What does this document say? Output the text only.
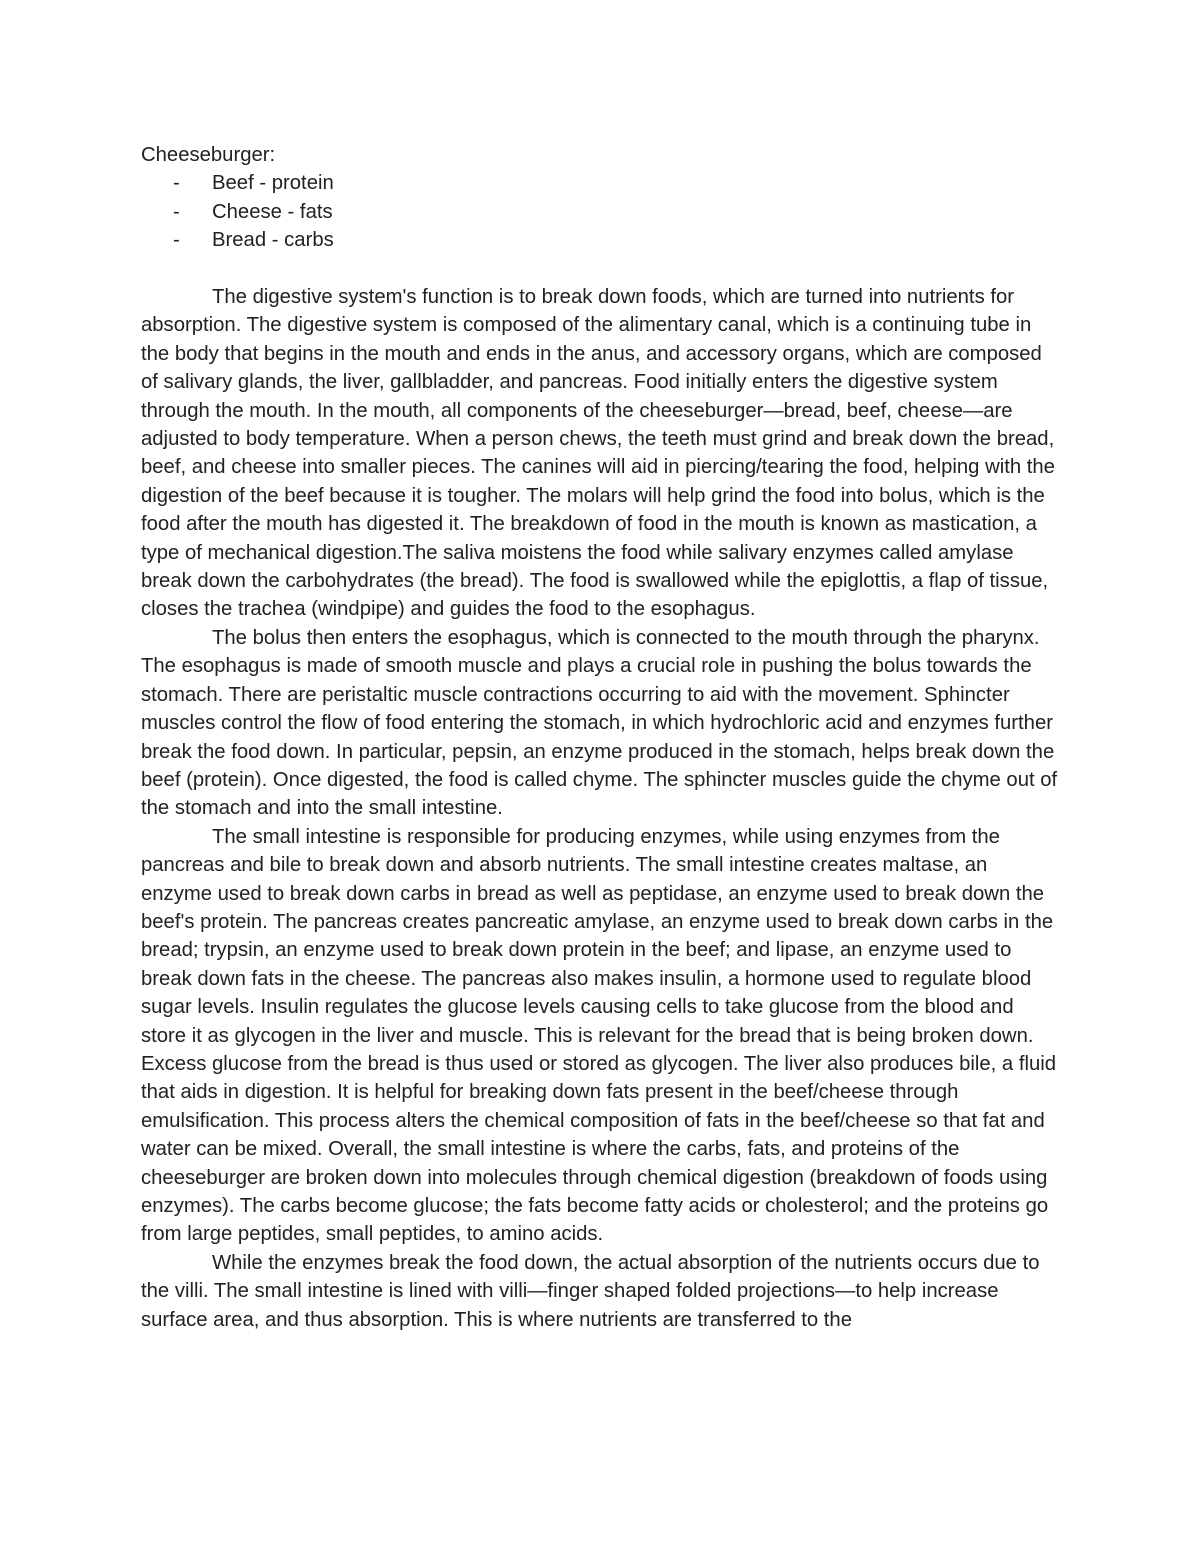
Cheeseburger:

- Beef - protein
- Cheese - fats
- Bread - carbs

The digestive system's function is to break down foods, which are turned into nutrients for absorption. The digestive system is composed of the alimentary canal, which is a continuing tube in the body that begins in the mouth and ends in the anus, and accessory organs, which are composed of salivary glands, the liver, gallbladder, and pancreas. Food initially enters the digestive system through the mouth. In the mouth, all components of the cheeseburger—bread, beef, cheese—are adjusted to body temperature. When a person chews, the teeth must grind and break down the bread, beef, and cheese into smaller pieces. The canines will aid in piercing/tearing the food, helping with the digestion of the beef because it is tougher. The molars will help grind the food into bolus, which is the food after the mouth has digested it. The breakdown of food in the mouth is known as mastication, a type of mechanical digestion.The saliva moistens the food while salivary enzymes called amylase break down the carbohydrates (the bread). The food is swallowed while the epiglottis, a flap of tissue, closes the trachea (windpipe) and guides the food to the esophagus.

The bolus then enters the esophagus, which is connected to the mouth through the pharynx. The esophagus is made of smooth muscle and plays a crucial role in pushing the bolus towards the stomach. There are peristaltic muscle contractions occurring to aid with the movement. Sphincter muscles control the flow of food entering the stomach, in which hydrochloric acid and enzymes further break the food down. In particular, pepsin, an enzyme produced in the stomach, helps break down the beef (protein). Once digested, the food is called chyme. The sphincter muscles guide the chyme out of the stomach and into the small intestine.

The small intestine is responsible for producing enzymes, while using enzymes from the pancreas and bile to break down and absorb nutrients. The small intestine creates maltase, an enzyme used to break down carbs in bread as well as peptidase, an enzyme used to break down the beef's protein. The pancreas creates pancreatic amylase, an enzyme used to break down carbs in the bread; trypsin, an enzyme used to break down protein in the beef; and lipase, an enzyme used to break down fats in the cheese. The pancreas also makes insulin, a hormone used to regulate blood sugar levels. Insulin regulates the glucose levels causing cells to take glucose from the blood and store it as glycogen in the liver and muscle. This is relevant for the bread that is being broken down. Excess glucose from the bread is thus used or stored as glycogen. The liver also produces bile, a fluid that aids in digestion. It is helpful for breaking down fats present in the beef/cheese through emulsification. This process alters the chemical composition of fats in the beef/cheese so that fat and water can be mixed. Overall, the small intestine is where the carbs, fats, and proteins of the cheeseburger are broken down into molecules through chemical digestion (breakdown of foods using enzymes). The carbs become glucose; the fats become fatty acids or cholesterol; and the proteins go from large peptides, small peptides, to amino acids.

While the enzymes break the food down, the actual absorption of the nutrients occurs due to the villi. The small intestine is lined with villi—finger shaped folded projections—to help increase surface area, and thus absorption. This is where nutrients are transferred to the
